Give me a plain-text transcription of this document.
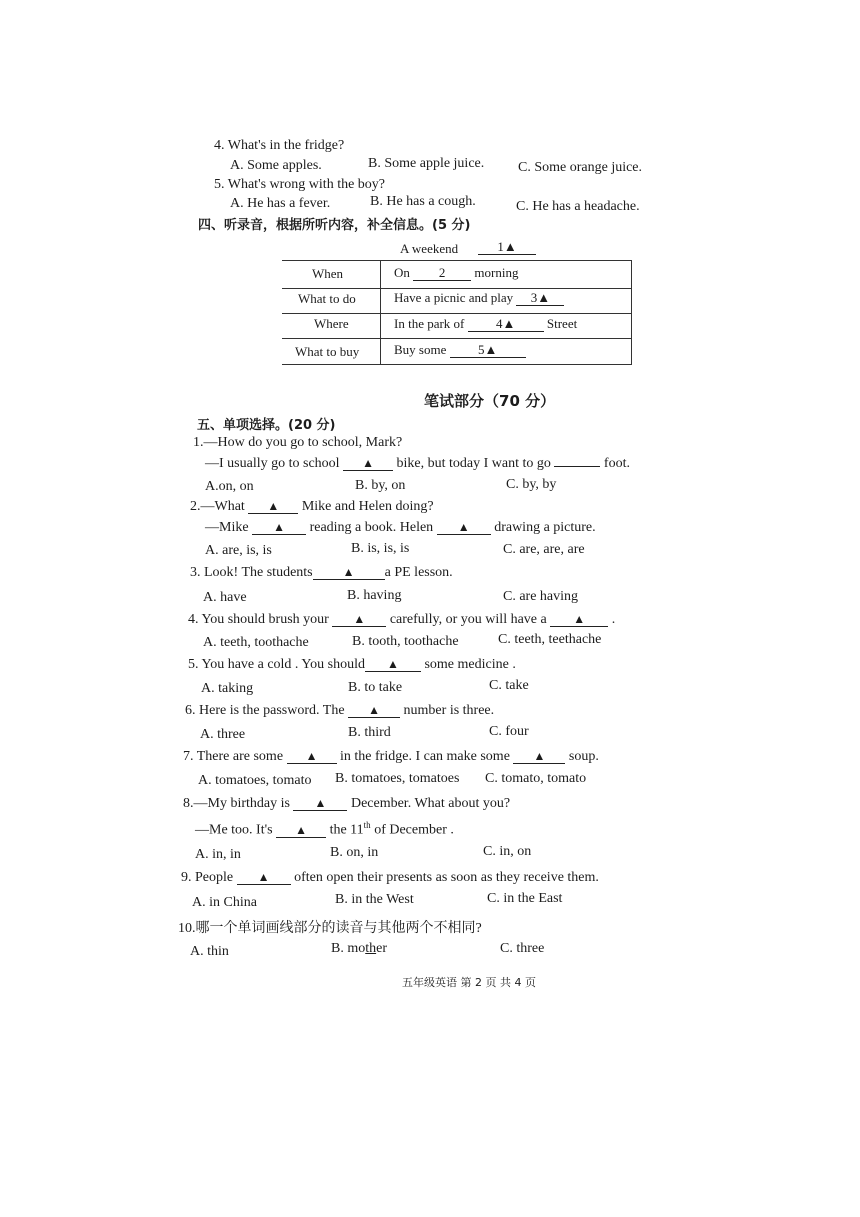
4. What's in the fridge?
A. Some apples.	B. Some apple juice. C. Some orange juice.
5. What's wrong with the boy?
A. He has a fever.	B. He has a cough.	C. He has a headache.
四、听录音，根据所听内容，补全信息。(5 分)
A weekend	1▲
When	On 2 morning
What to do	Have a picnic and play 3▲
Where	In the park of 4▲ Street
What to buy	Buy some 5▲
笔试部分（70 分）
五、单项选择。(20 分)
1.—How do you go to school, Mark?
—I usually go to school ▲ bike, but today I want to go	foot.
A.on, on	B. by, on	C. by, by
2.—What ▲ Mike and Helen doing?
—Mike ▲ reading a book. Helen ▲ drawing a picture.
A. are, is, is	B. is, is, is	C. are, are, are
3. Look! The students	▲ a PE lesson.
A. have	B. having	C. are having
4. You should brush your ▲ carefully, or you will have a ▲ .
A. teeth, toothache	B. tooth, toothache	C. teeth, teethache
5. You have a cold . You should ▲ some medicine .
A. taking	B. to take	C. take
6. Here is the password. The ▲ number is three.
A. three	B. third	C. four
7. There are some ▲ in the fridge. I can make some ▲ soup.
A. tomatoes, tomato B. tomatoes, tomatoes C. tomato, tomato
8.—My birthday is ▲ December. What about you?
—Me too. It's ▲ the 11th of December .
A. in, in	B. on, in	C. in, on
9. People ▲ often open their presents as soon as they receive them.
A. in China	B. in the West	C. in the East
10.哪一个单词画线部分的读音与其他两个不相同?
A. thin	B. mother	C. three
五年级英语 第 2 页 共 4 页
